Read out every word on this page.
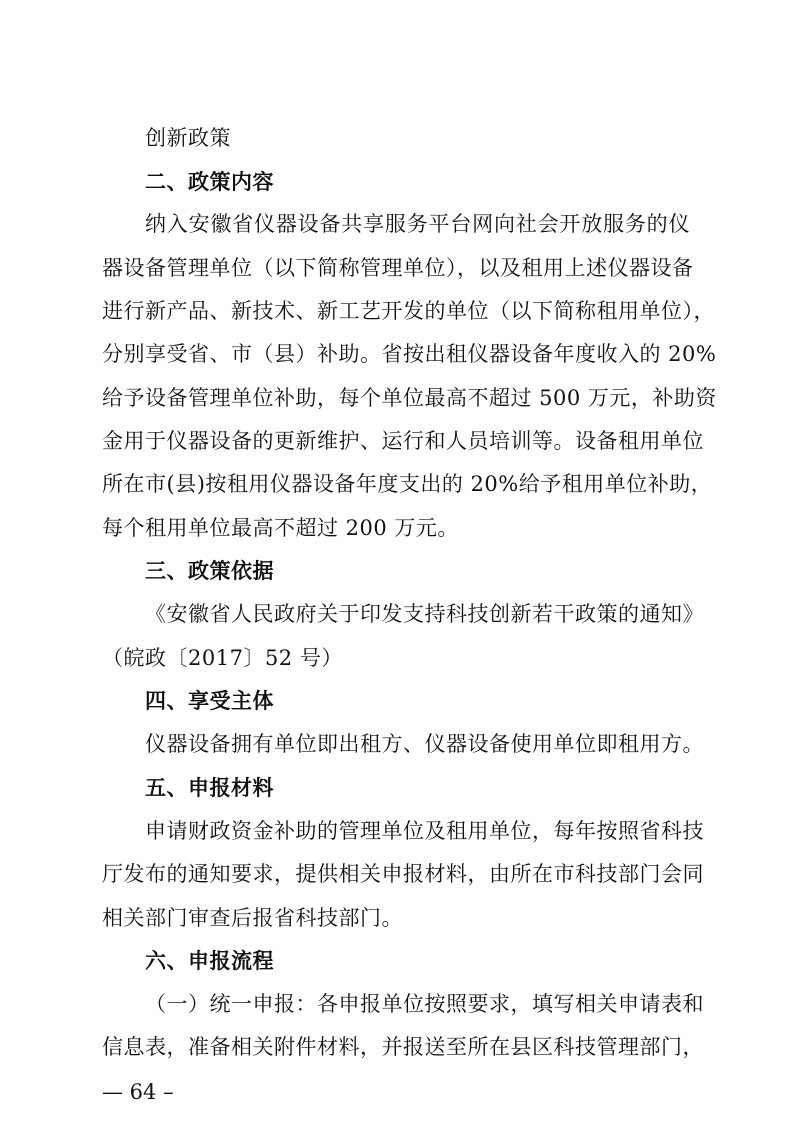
创新政策
二、政策内容
纳入安徽省仪器设备共享服务平台网向社会开放服务的仪
器设备管理单位（以下简称管理单位），以及租用上述仪器设备
进行新产品、新技术、新工艺开发的单位（以下简称租用单位），
分别享受省、市（县）补助。省按出租仪器设备年度收入的 20%
给予设备管理单位补助，每个单位最高不超过 500 万元，补助资
金用于仪器设备的更新维护、运行和人员培训等。设备租用单位
所在市(县)按租用仪器设备年度支出的 20%给予租用单位补助，
每个租用单位最高不超过 200 万元。
三、政策依据
《安徽省人民政府关于印发支持科技创新若干政策的通知》
（皖政〔2017〕52 号）
四、享受主体
仪器设备拥有单位即出租方、仪器设备使用单位即租用方。
五、申报材料
申请财政资金补助的管理单位及租用单位，每年按照省科技
厅发布的通知要求，提供相关申报材料，由所在市科技部门会同
相关部门审查后报省科技部门。
六、申报流程
（一）统一申报：各申报单位按照要求，填写相关申请表和
信息表，准备相关附件材料，并报送至所在县区科技管理部门，
— 64 –
